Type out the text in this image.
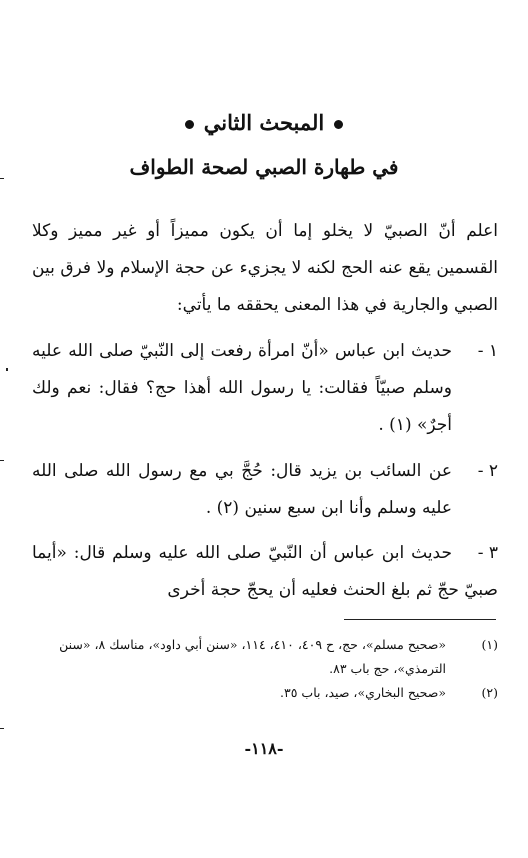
المبحث الثاني
في طهارة الصبي لصحة الطواف
اعلم أنّ الصبيّ لا يخلو إما أن يكون مميزاً أو غير مميز وكلا القسمين يقع عنه الحج لكنه لا يجزيء عن حجة الإسلام ولا فرق بين الصبي والجارية في هذا المعنى يحققه ما يأتي:
١ -
حديث ابن عباس «أنّ امرأة رفعت إلى النّبيّ صلى الله عليه وسلم صبيّاً فقالت: يا رسول الله أهذا حج؟ فقال: نعم ولك أجرٌ» (١) .
٢ -
عن السائب بن يزيد قال: حُجَّ بي مع رسول الله صلى الله عليه وسلم وأنا ابن سبع سنين (٢) .
٣ -
حديث ابن عباس أن النّبيّ صلى الله عليه وسلم قال: «أيما صبيّ حجّ ثم بلغ الحنث فعليه أن يحجّ حجة أخرى
(١)
«صحيح مسلم»، حج، ح ٤٠٩، ٤١٠، ١١٤، «سنن أبي داود»، مناسك ٨، «سنن الترمذي»، حج باب ٨٣.
(٢)
«صحيح البخاري»، صيد، باب ٣٥.
-١١٨-
